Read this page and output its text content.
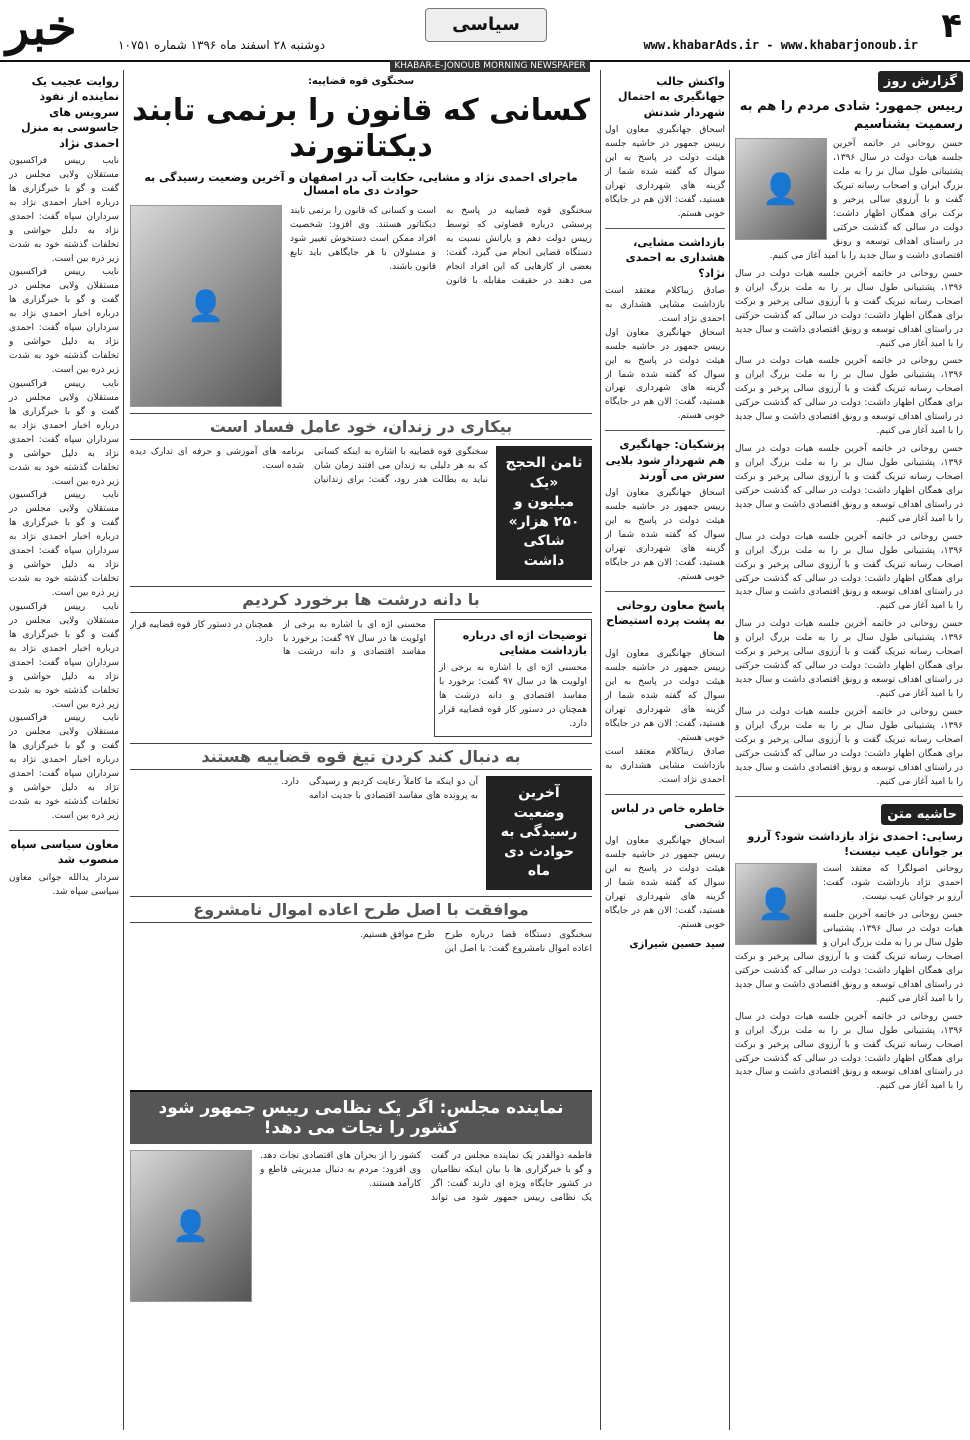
۴
www.khabarAds.ir - www.khabarjonoub.ir
سیاسی
خبر	دوشنبه ۲۸ اسفند ماه ۱۳۹۶ شماره ۱۰۷۵۱
KHABAR-E-JONOUB MORNING NEWSPAPER
گزارش روز
رییس جمهور: شادی مردم را هم به رسمیت بشناسیم
👤
حسن روحانی در خاتمه آخرین جلسه هیات دولت در سال ۱۳۹۶، پشتیبانی طول سال بر را به ملت بزرگ ایران و اصحاب رسانه تبریک گفت و با آرزوی سالی پرخیر و برکت برای همگان اظهار داشت: دولت در سالی که گذشت حرکتی در راستای اهداف توسعه و رونق اقتصادی داشت و سال جدید را با امید آغاز می کنیم.
حسن روحانی در خاتمه آخرین جلسه هیات دولت در سال ۱۳۹۶، پشتیبانی طول سال بر را به ملت بزرگ ایران و اصحاب رسانه تبریک گفت و با آرزوی سالی پرخیر و برکت برای همگان اظهار داشت: دولت در سالی که گذشت حرکتی در راستای اهداف توسعه و رونق اقتصادی داشت و سال جدید را با امید آغاز می کنیم.
حسن روحانی در خاتمه آخرین جلسه هیات دولت در سال ۱۳۹۶، پشتیبانی طول سال بر را به ملت بزرگ ایران و اصحاب رسانه تبریک گفت و با آرزوی سالی پرخیر و برکت برای همگان اظهار داشت: دولت در سالی که گذشت حرکتی در راستای اهداف توسعه و رونق اقتصادی داشت و سال جدید را با امید آغاز می کنیم.
حسن روحانی در خاتمه آخرین جلسه هیات دولت در سال ۱۳۹۶، پشتیبانی طول سال بر را به ملت بزرگ ایران و اصحاب رسانه تبریک گفت و با آرزوی سالی پرخیر و برکت برای همگان اظهار داشت: دولت در سالی که گذشت حرکتی در راستای اهداف توسعه و رونق اقتصادی داشت و سال جدید را با امید آغاز می کنیم.
حسن روحانی در خاتمه آخرین جلسه هیات دولت در سال ۱۳۹۶، پشتیبانی طول سال بر را به ملت بزرگ ایران و اصحاب رسانه تبریک گفت و با آرزوی سالی پرخیر و برکت برای همگان اظهار داشت: دولت در سالی که گذشت حرکتی در راستای اهداف توسعه و رونق اقتصادی داشت و سال جدید را با امید آغاز می کنیم.
حسن روحانی در خاتمه آخرین جلسه هیات دولت در سال ۱۳۹۶، پشتیبانی طول سال بر را به ملت بزرگ ایران و اصحاب رسانه تبریک گفت و با آرزوی سالی پرخیر و برکت برای همگان اظهار داشت: دولت در سالی که گذشت حرکتی در راستای اهداف توسعه و رونق اقتصادی داشت و سال جدید را با امید آغاز می کنیم.
حسن روحانی در خاتمه آخرین جلسه هیات دولت در سال ۱۳۹۶، پشتیبانی طول سال بر را به ملت بزرگ ایران و اصحاب رسانه تبریک گفت و با آرزوی سالی پرخیر و برکت برای همگان اظهار داشت: دولت در سالی که گذشت حرکتی در راستای اهداف توسعه و رونق اقتصادی داشت و سال جدید را با امید آغاز می کنیم.
حاشیه متن
رسایی: احمدی نژاد بازداشت شود؟ آرزو بر جوانان عیب نیست!
👤
روحانی اصولگرا که معتقد است احمدی نژاد بازداشت شود، گفت: آرزو بر جوانان عیب نیست.
حسن روحانی در خاتمه آخرین جلسه هیات دولت در سال ۱۳۹۶، پشتیبانی طول سال بر را به ملت بزرگ ایران و اصحاب رسانه تبریک گفت و با آرزوی سالی پرخیر و برکت برای همگان اظهار داشت: دولت در سالی که گذشت حرکتی در راستای اهداف توسعه و رونق اقتصادی داشت و سال جدید را با امید آغاز می کنیم.
حسن روحانی در خاتمه آخرین جلسه هیات دولت در سال ۱۳۹۶، پشتیبانی طول سال بر را به ملت بزرگ ایران و اصحاب رسانه تبریک گفت و با آرزوی سالی پرخیر و برکت برای همگان اظهار داشت: دولت در سالی که گذشت حرکتی در راستای اهداف توسعه و رونق اقتصادی داشت و سال جدید را با امید آغاز می کنیم.
واکنش جالب جهانگیری به احتمال شهردار شدنش
اسحاق جهانگیری معاون اول رییس جمهور در حاشیه جلسه هیئت دولت در پاسخ به این سوال که گفته شده شما از گزینه های شهرداری تهران هستید، گفت: الان هم در جایگاه خوبی هستم.
بازداشت مشایی، هشداری به احمدی نژاد؟
صادق زیباکلام معتقد است بازداشت مشایی هشداری به احمدی نژاد است.
اسحاق جهانگیری معاون اول رییس جمهور در حاشیه جلسه هیئت دولت در پاسخ به این سوال که گفته شده شما از گزینه های شهرداری تهران هستید، گفت: الان هم در جایگاه خوبی هستم.
پزشکیان: جهانگیری هم شهردار شود بلایی سرش می آورند
اسحاق جهانگیری معاون اول رییس جمهور در حاشیه جلسه هیئت دولت در پاسخ به این سوال که گفته شده شما از گزینه های شهرداری تهران هستید، گفت: الان هم در جایگاه خوبی هستم.
پاسخ معاون روحانی به پشت پرده استیضاح ها
اسحاق جهانگیری معاون اول رییس جمهور در حاشیه جلسه هیئت دولت در پاسخ به این سوال که گفته شده شما از گزینه های شهرداری تهران هستید، گفت: الان هم در جایگاه خوبی هستم.
صادق زیباکلام معتقد است بازداشت مشایی هشداری به احمدی نژاد است.
خاطره خاص در لباس شخصی
اسحاق جهانگیری معاون اول رییس جمهور در حاشیه جلسه هیئت دولت در پاسخ به این سوال که گفته شده شما از گزینه های شهرداری تهران هستید، گفت: الان هم در جایگاه خوبی هستم.
سید حسین شیرازی
روایت عجیب یک نماینده از نفوذ سرویس های جاسوسی به منزل احمدی نژاد
نایب رییس فراکسیون مستقلان ولایی مجلس در گفت و گو با خبرگزاری ها درباره اخبار احمدی نژاد به سرداران سپاه گفت: احمدی نژاد به دلیل حواشی و تخلفات گذشته خود به شدت زیر ذره بین است.
نایب رییس فراکسیون مستقلان ولایی مجلس در گفت و گو با خبرگزاری ها درباره اخبار احمدی نژاد به سرداران سپاه گفت: احمدی نژاد به دلیل حواشی و تخلفات گذشته خود به شدت زیر ذره بین است.
نایب رییس فراکسیون مستقلان ولایی مجلس در گفت و گو با خبرگزاری ها درباره اخبار احمدی نژاد به سرداران سپاه گفت: احمدی نژاد به دلیل حواشی و تخلفات گذشته خود به شدت زیر ذره بین است.
نایب رییس فراکسیون مستقلان ولایی مجلس در گفت و گو با خبرگزاری ها درباره اخبار احمدی نژاد به سرداران سپاه گفت: احمدی نژاد به دلیل حواشی و تخلفات گذشته خود به شدت زیر ذره بین است.
نایب رییس فراکسیون مستقلان ولایی مجلس در گفت و گو با خبرگزاری ها درباره اخبار احمدی نژاد به سرداران سپاه گفت: احمدی نژاد به دلیل حواشی و تخلفات گذشته خود به شدت زیر ذره بین است.
نایب رییس فراکسیون مستقلان ولایی مجلس در گفت و گو با خبرگزاری ها درباره اخبار احمدی نژاد به سرداران سپاه گفت: احمدی نژاد به دلیل حواشی و تخلفات گذشته خود به شدت زیر ذره بین است.
معاون سیاسی سپاه منصوب شد
سردار یدالله جوانی معاون سیاسی سپاه شد.
سخنگوی قوه قضاییه:
کسانی که قانون را برنمی تابند دیکتاتورند
ماجرای احمدی نژاد و مشایی، حکایت آب در اصفهان و آخرین وضعیت رسیدگی به حوادث دی ماه امسال
سخنگوی قوه قضاییه در پاسخ به پرسشی درباره قضاوتی که توسط رییس دولت دهم و یارانش نسبت به دستگاه قضایی انجام می گیرد، گفت: بعضی از کارهایی که این افراد انجام می دهند در حقیقت مقابله با قانون است و کسانی که قانون را برنمی تابند دیکتاتور هستند. وی افزود: شخصیت افراد ممکن است دستخوش تغییر شود و مسئولان با هر جایگاهی باید تابع قانون باشند.
👤
بیکاری در زندان، خود عامل فساد است
ثامن الحجج «یک میلیون و ۲۵۰ هزار» شاکی داشت
سخنگوی قوه قضاییه با اشاره به اینکه کسانی که به هر دلیلی به زندان می افتند زمان شان نباید به بطالت هدر رود، گفت: برای زندانیان برنامه های آموزشی و حرفه ای تدارک دیده شده است.
با دانه درشت ها برخورد کردیم
توضیحات اژه ای درباره بازداشت مشایی
محسنی اژه ای با اشاره به برخی از اولویت ها در سال ۹۷ گفت: برخورد با مفاسد اقتصادی و دانه درشت ها همچنان در دستور کار قوه قضاییه قرار دارد.
محسنی اژه ای با اشاره به برخی از اولویت ها در سال ۹۷ گفت: برخورد با مفاسد اقتصادی و دانه درشت ها همچنان در دستور کار قوه قضاییه قرار دارد.
به دنبال کند کردن تیغ قوه قضاییه هستند
آخرین وضعیت رسیدگی به حوادث دی ماه
آن دو اینکه ما کاملاً رعایت کردیم و رسیدگی به پرونده های مفاسد اقتصادی با جدیت ادامه دارد.
موافقت با اصل طرح اعاده اموال نامشروع
سخنگوی دستگاه قضا درباره طرح اعاده اموال نامشروع گفت: با اصل این طرح موافق هستیم.
نماینده مجلس: اگر یک نظامی رییس جمهور شود کشور را نجات می دهد!
فاطمه ذوالقدر یک نماینده مجلس در گفت و گو با خبرگزاری ها با بیان اینکه نظامیان در کشور جایگاه ویژه ای دارند گفت: اگر یک نظامی رییس جمهور شود می تواند کشور را از بحران های اقتصادی نجات دهد. وی افزود: مردم به دنبال مدیریتی قاطع و کارآمد هستند.
👤
